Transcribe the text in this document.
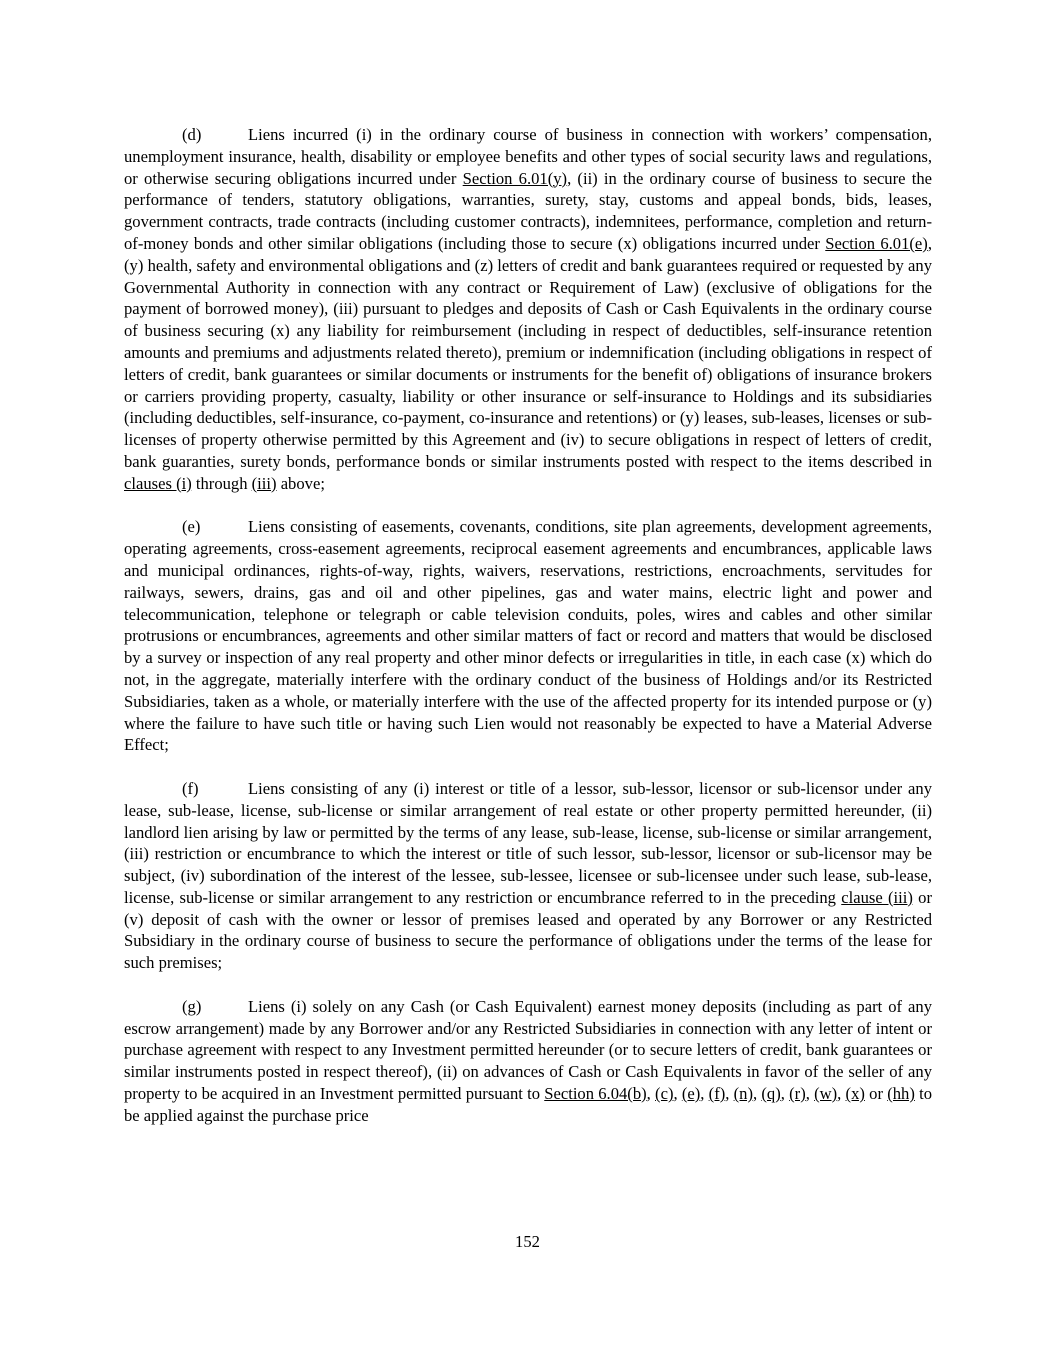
(d)	Liens incurred (i) in the ordinary course of business in connection with workers’ compensation, unemployment insurance, health, disability or employee benefits and other types of social security laws and regulations, or otherwise securing obligations incurred under Section 6.01(y), (ii) in the ordinary course of business to secure the performance of tenders, statutory obligations, warranties, surety, stay, customs and appeal bonds, bids, leases, government contracts, trade contracts (including customer contracts), indemnitees, performance, completion and return-of-money bonds and other similar obligations (including those to secure (x) obligations incurred under Section 6.01(e), (y) health, safety and environmental obligations and (z) letters of credit and bank guarantees required or requested by any Governmental Authority in connection with any contract or Requirement of Law) (exclusive of obligations for the payment of borrowed money), (iii) pursuant to pledges and deposits of Cash or Cash Equivalents in the ordinary course of business securing (x) any liability for reimbursement (including in respect of deductibles, self-insurance retention amounts and premiums and adjustments related thereto), premium or indemnification (including obligations in respect of letters of credit, bank guarantees or similar documents or instruments for the benefit of) obligations of insurance brokers or carriers providing property, casualty, liability or other insurance or self-insurance to Holdings and its subsidiaries (including deductibles, self-insurance, co-payment, co-insurance and retentions) or (y) leases, sub-leases, licenses or sub-licenses of property otherwise permitted by this Agreement and (iv) to secure obligations in respect of letters of credit, bank guaranties, surety bonds, performance bonds or similar instruments posted with respect to the items described in clauses (i) through (iii) above;

(e)	Liens consisting of easements, covenants, conditions, site plan agreements, development agreements, operating agreements, cross-easement agreements, reciprocal easement agreements and encumbrances, applicable laws and municipal ordinances, rights-of-way, rights, waivers, reservations, restrictions, encroachments, servitudes for railways, sewers, drains, gas and oil and other pipelines, gas and water mains, electric light and power and telecommunication, telephone or telegraph or cable television conduits, poles, wires and cables and other similar protrusions or encumbrances, agreements and other similar matters of fact or record and matters that would be disclosed by a survey or inspection of any real property and other minor defects or irregularities in title, in each case (x) which do not, in the aggregate, materially interfere with the ordinary conduct of the business of Holdings and/or its Restricted Subsidiaries, taken as a whole, or materially interfere with the use of the affected property for its intended purpose or (y) where the failure to have such title or having such Lien would not reasonably be expected to have a Material Adverse Effect;

(f)	Liens consisting of any (i) interest or title of a lessor, sub-lessor, licensor or sub-licensor under any lease, sub-lease, license, sub-license or similar arrangement of real estate or other property permitted hereunder, (ii) landlord lien arising by law or permitted by the terms of any lease, sub-lease, license, sub-license or similar arrangement, (iii) restriction or encumbrance to which the interest or title of such lessor, sub-lessor, licensor or sub-licensor may be subject, (iv) subordination of the interest of the lessee, sub-lessee, licensee or sub-licensee under such lease, sub-lease, license, sub-license or similar arrangement to any restriction or encumbrance referred to in the preceding clause (iii) or (v) deposit of cash with the owner or lessor of premises leased and operated by any Borrower or any Restricted Subsidiary in the ordinary course of business to secure the performance of obligations under the terms of the lease for such premises;

(g)	Liens (i) solely on any Cash (or Cash Equivalent) earnest money deposits (including as part of any escrow arrangement) made by any Borrower and/or any Restricted Subsidiaries in connection with any letter of intent or purchase agreement with respect to any Investment permitted hereunder (or to secure letters of credit, bank guarantees or similar instruments posted in respect thereof), (ii) on advances of Cash or Cash Equivalents in favor of the seller of any property to be acquired in an Investment permitted pursuant to Section 6.04(b), (c), (e), (f), (n), (q), (r), (w), (x) or (hh) to be applied against the purchase price

152
